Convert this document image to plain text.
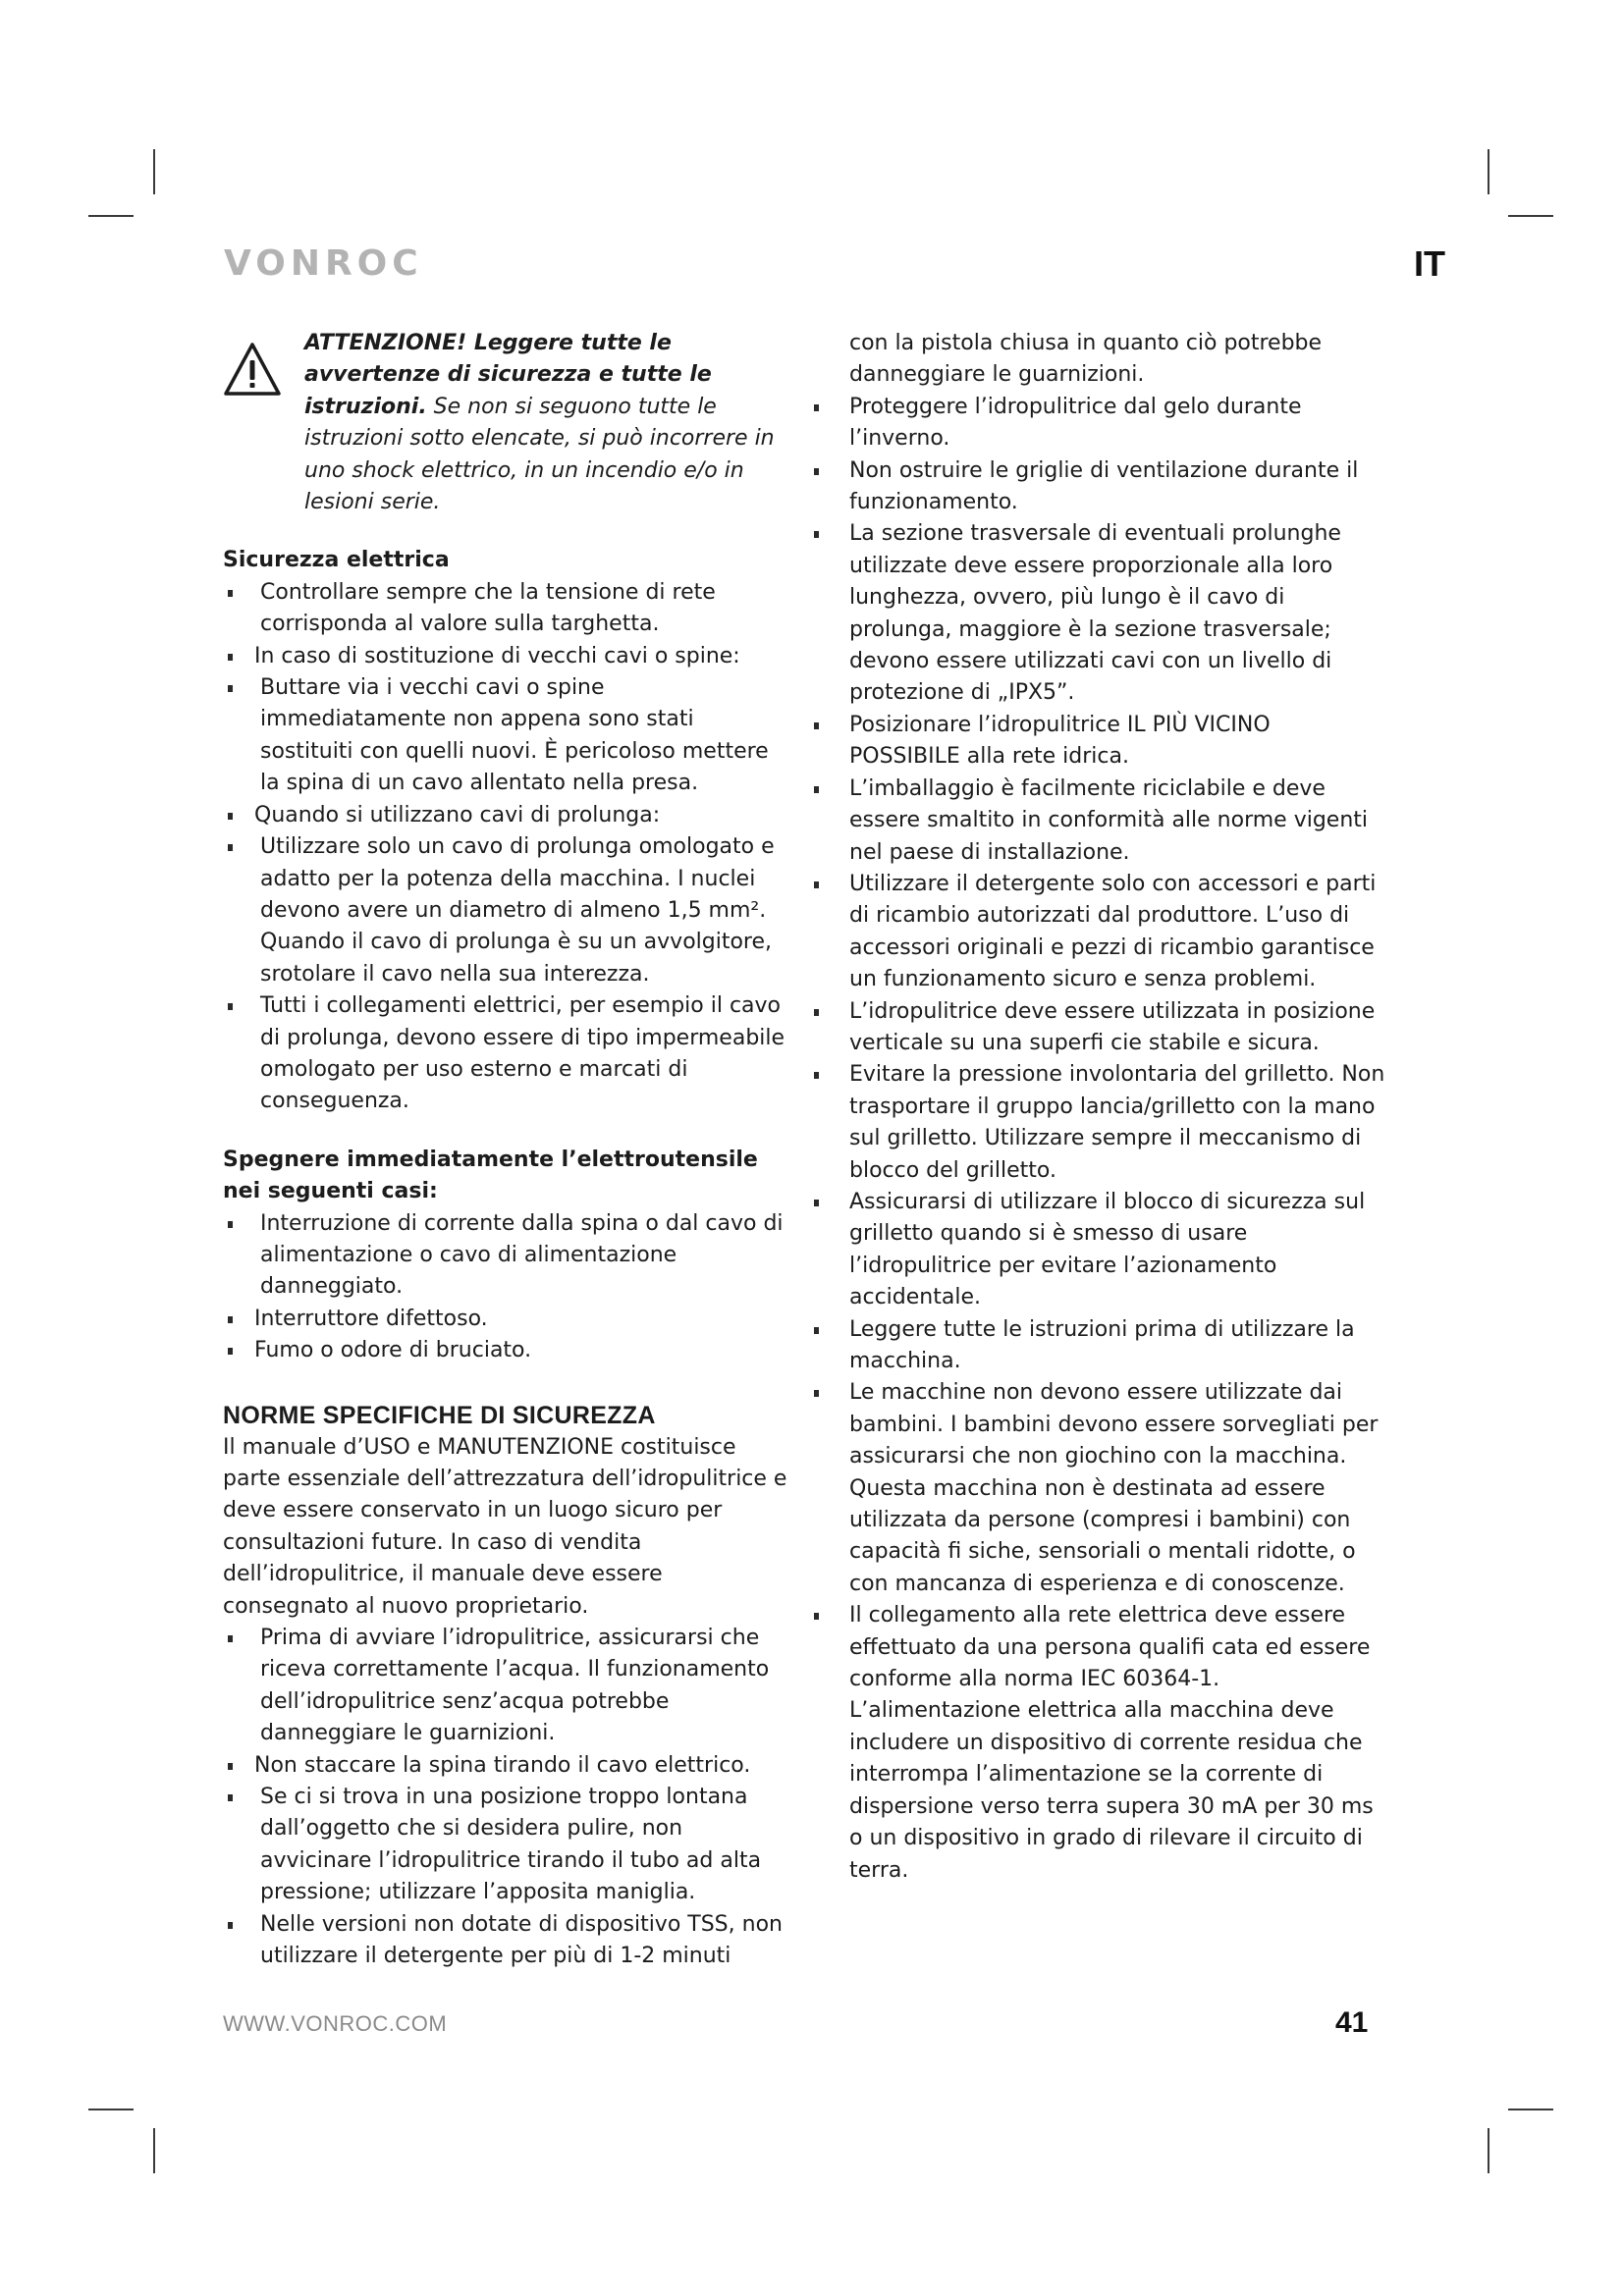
VONROC	IT
ATTENZIONE! Leggere tutte le avvertenze di sicurezza e tutte le istruzioni. Se non si seguono tutte le istruzioni sotto elencate, si può incorrere in uno shock elettrico, in un incendio e/o in lesioni serie.
Sicurezza elettrica
Controllare sempre che la tensione di rete corrisponda al valore sulla targhetta.
In caso di sostituzione di vecchi cavi o spine:
Buttare via i vecchi cavi o spine immediatamente non appena sono stati sostituiti con quelli nuovi. È pericoloso mettere la spina di un cavo allentato nella presa.
Quando si utilizzano cavi di prolunga:
Utilizzare solo un cavo di prolunga omologato e adatto per la potenza della macchina. I nuclei devono avere un diametro di almeno 1,5 mm². Quando il cavo di prolunga è su un avvolgitore, srotolare il cavo nella sua interezza.
Tutti i collegamenti elettrici, per esempio il cavo di prolunga, devono essere di tipo impermeabile omologato per uso esterno e marcati di conseguenza.
Spegnere immediatamente l’elettroutensile nei seguenti casi:
Interruzione di corrente dalla spina o dal cavo di alimentazione o cavo di alimentazione danneggiato.
Interruttore difettoso.
Fumo o odore di bruciato.
NORME SPECIFICHE DI SICUREZZA

Il manuale d’USO e MANUTENZIONE costituisce parte essenziale dell’attrezzatura dell’idropulitrice e deve essere conservato in un luogo sicuro per consultazioni future. In caso di vendita dell’idropulitrice, il manuale deve essere consegnato al nuovo proprietario.

Prima di avviare l’idropulitrice, assicurarsi che riceva correttamente l’acqua. Il funzionamento dell’idropulitrice senz’acqua potrebbe danneggiare le guarnizioni.
Non staccare la spina tirando il cavo elettrico.
Se ci si trova in una posizione troppo lontana dall’oggetto che si desidera pulire, non avvicinare l’idropulitrice tirando il tubo ad alta pressione; utilizzare l’apposita maniglia.
Nelle versioni non dotate di dispositivo TSS, non utilizzare il detergente per più di 1-2 minuti

con la pistola chiusa in quanto ciò potrebbe danneggiare le guarnizioni.

Proteggere l’idropulitrice dal gelo durante l’inverno.
Non ostruire le griglie di ventilazione durante il funzionamento.
La sezione trasversale di eventuali prolunghe utilizzate deve essere proporzionale alla loro lunghezza, ovvero, più lungo è il cavo di prolunga, maggiore è la sezione trasversale; devono essere utilizzati cavi con un livello di protezione di „IPX5”.
Posizionare l’idropulitrice IL PIÙ VICINO POSSIBILE alla rete idrica.
L’imballaggio è facilmente riciclabile e deve essere smaltito in conformità alle norme vigenti nel paese di installazione.
Utilizzare il detergente solo con accessori e parti di ricambio autorizzati dal produttore. L’uso di accessori originali e pezzi di ricambio garantisce un funzionamento sicuro e senza problemi.
L’idropulitrice deve essere utilizzata in posizione verticale su una superfi cie stabile e sicura.
Evitare la pressione involontaria del grilletto. Non trasportare il gruppo lancia/grilletto con la mano sul grilletto. Utilizzare sempre il meccanismo di blocco del grilletto.
Assicurarsi di utilizzare il blocco di sicurezza sul grilletto quando si è smesso di usare l’idropulitrice per evitare l’azionamento accidentale.
Leggere tutte le istruzioni prima di utilizzare la macchina.
Le macchine non devono essere utilizzate dai bambini. I bambini devono essere sorvegliati per assicurarsi che non giochino con la macchina. Questa macchina non è destinata ad essere utilizzata da persone (compresi i bambini) con capacità fi siche, sensoriali o mentali ridotte, o con mancanza di esperienza e di conoscenze.
Il collegamento alla rete elettrica deve essere effettuato da una persona qualifi cata ed essere conforme alla norma IEC 60364-1. L’alimentazione elettrica alla macchina deve includere un dispositivo di corrente residua che interrompa l’alimentazione se la corrente di dispersione verso terra supera 30 mA per 30 ms o un dispositivo in grado di rilevare il circuito di terra.
WWW.VONROC.COM	41
